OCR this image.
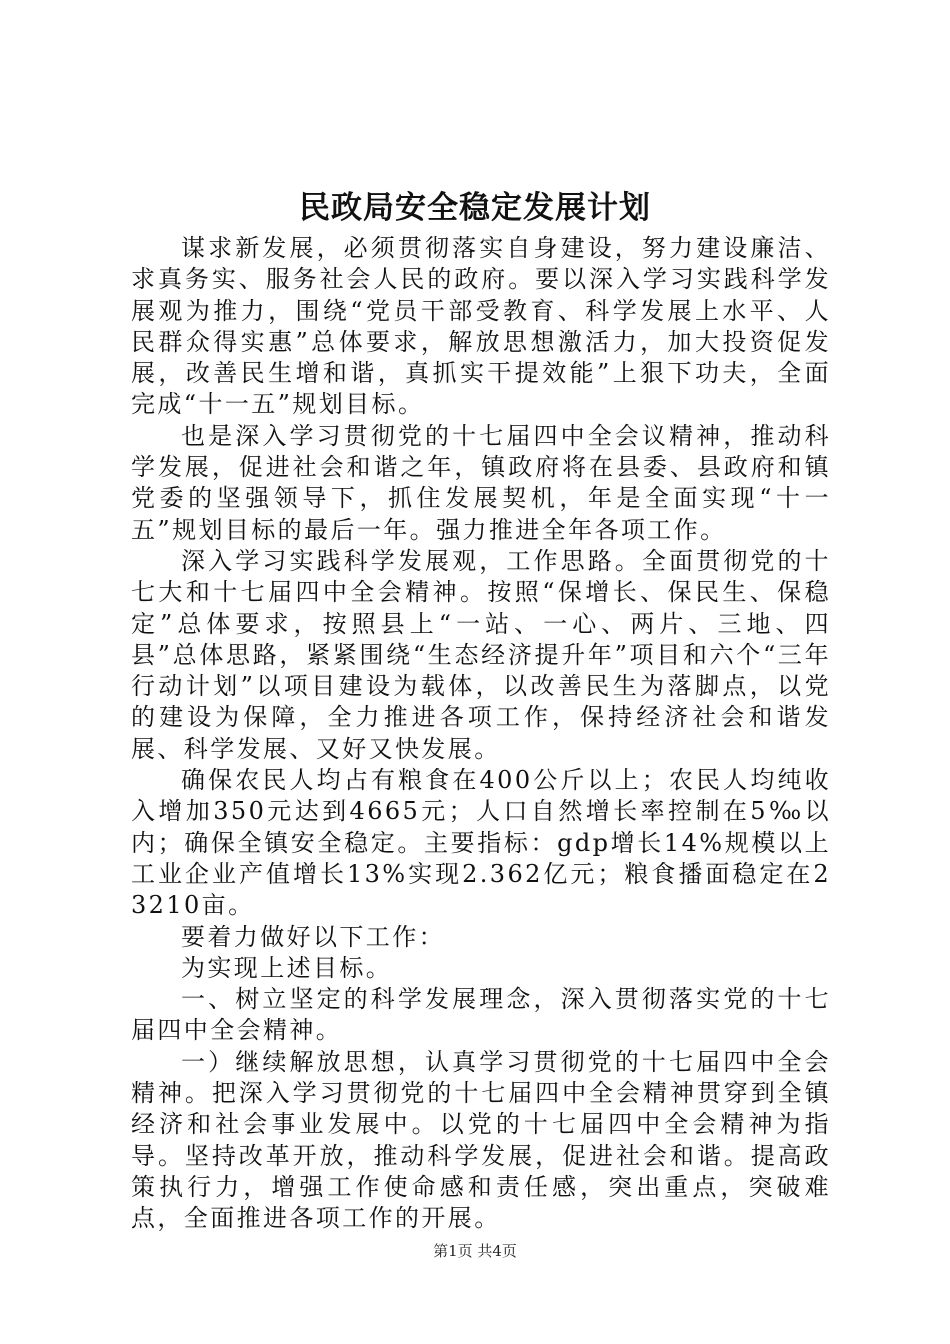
民政局安全稳定发展计划

谋求新发展，必须贯彻落实自身建设，努力建设廉洁、求真务实、服务社会人民的政府。要以深入学习实践科学发展观为推力，围绕“党员干部受教育、科学发展上水平、人民群众得实惠”总体要求，解放思想激活力，加大投资促发展，改善民生增和谐，真抓实干提效能”上狠下功夫，全面完成“十一五”规划目标。

也是深入学习贯彻党的十七届四中全会议精神，推动科学发展，促进社会和谐之年，镇政府将在县委、县政府和镇党委的坚强领导下，抓住发展契机，年是全面实现“十一五”规划目标的最后一年。强力推进全年各项工作。

深入学习实践科学发展观，工作思路。全面贯彻党的十七大和十七届四中全会精神。按照“保增长、保民生、保稳定”总体要求，按照县上“一站、一心、两片、三地、四县”总体思路，紧紧围绕“生态经济提升年”项目和六个“三年行动计划”以项目建设为载体，以改善民生为落脚点，以党的建设为保障，全力推进各项工作，保持经济社会和谐发展、科学发展、又好又快发展。

确保农民人均占有粮食在400公斤以上；农民人均纯收入增加350元达到4665元；人口自然增长率控制在5‰以内；确保全镇安全稳定。主要指标：gdp增长14%规模以上工业企业产值增长13%实现2.362亿元；粮食播面稳定在23210亩。

要着力做好以下工作：

为实现上述目标。

一、树立坚定的科学发展理念，深入贯彻落实党的十七届四中全会精神。

一）继续解放思想，认真学习贯彻党的十七届四中全会精神。把深入学习贯彻党的十七届四中全会精神贯穿到全镇经济和社会事业发展中。以党的十七届四中全会精神为指导。坚持改革开放，推动科学发展，促进社会和谐。提高政策执行力，增强工作使命感和责任感，突出重点，突破难点，全面推进各项工作的开展。

第1页 共4页
